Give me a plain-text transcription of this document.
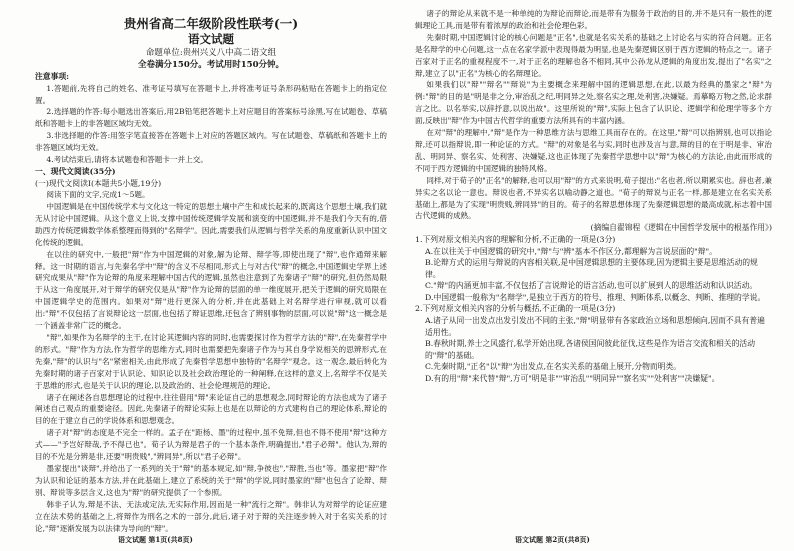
贵州省高二年级阶段性联考(一)
语文试题
命题单位:贵州兴义八中高二语文组
全卷满分150分。考试用时150分钟。

注意事项:

1.答题前,先将自己的姓名、准考证号填写在答题卡上,并将准考证号条形码粘贴在答题卡上的指定位置。

2.选择题的作答:每小题选出答案后,用2B铅笔把答题卡上对应题目的答案标号涂黑,写在试题卷、草稿纸和答题卡上的非答题区域均无效。

3.非选择题的作答:用签字笔直接答在答题卡上对应的答题区域内。写在试题卷、草稿纸和答题卡上的非答题区域均无效。

4.考试结束后,请将本试题卷和答题卡一并上交。

一、现代文阅读(35分)

(一)现代文阅读Ⅰ(本题共5小题,19分)

阅读下面的文字,完成1～5题。

中国逻辑是在中国传统学术与文化这一特定的思想土壤中产生和成长起来的,既离这个思想土壤,我们就无从讨论中国逻辑。从这个意义上说,支撑中国传统逻辑学发展和演变的中国逻辑,并不是我们今天有的,借助西方传统逻辑数学体系整理而得到的"名辩学"。因此,需要我们从逻辑与哲学关系的角度重新认识中国文化传统的逻辑。

在以往的研究中,一般把"辩"作为中国逻辑的对象,解为论辩、辩学等,即使出现了"辩",也作通辩来解释。这一时期的语言,与先秦名学中"辩"的含义不尽相同,形式上与对古代"辩"的概念,中国逻辑史学界上述研究成果从"辩"作为论辩的角度来理解中国古代的逻辑,虽然也注意到了先秦诸子"辩"的研究,但仍然局限于从这一角度展开,对于辩学的研究仅是从"辩"作为论辩的层面的单一维度展开,把关于逻辑的研究局限在中国逻辑学史的范围内。如果对"辩"进行更深入的分析,并在此基础上对名辩学进行审视,就可以看出:"辩"不仅包括了言说辩论这一层面,也包括了辩证思维,还包含了辨别事物的层面,可以说"辩"这一概念是一个涵盖非常广泛的概念。

"辩",如果作为名辩学的主干,在讨论其逻辑内容的同时,也需要探讨作为哲学方法的"辩",在先秦哲学中的形式。"辩"作为方法,作为哲学的思维方式,同时也需要把先秦诸子作为与其自身学说相关的思辨形式,在先秦,"辩"的认识与"名"紧密相关,由此形成了先秦哲学思想中独特的"名辩学"观念。这一观念,最后转化为先秦时期的诸子百家对于认识论、知识论以及社会政治理论的一种阐释,在这样的意义上,名辩学不仅是关于思维的形式,也是关于认识的理论,以及政治的、社会伦理规范的理论。

诸子在阐述各自思想理论的过程中,往往借用"辩"来论证自己的思想观念,同时辩论的方法也成为了诸子阐述自己观点的重要途径。因此,先秦诸子的辩论实际上也是在以辩论的方式建构自己的理论体系,辩论的目的在于建立自己的学说体系和思想观念。

诸子对"辩"的态度是不完全一样的。孟子在"距杨、墨"的过程中,虽不免辩,但也不得不使用"辩"这种方式——"予岂好辩哉,予不得已也"。荀子认为辩是君子的一个基本条件,明确提出,"君子必辩"。他认为,辩的目的不光是分辨是非,还要"明贵贱","辨同异",所以"君子必辩"。

墨家提出"谈辩",并给出了一系列的关于"辩"的基本规定,如"辩,争彼也","辩胜,当也"等。墨家把"辩"作为认识和论证的基本方法,并在此基础上,建立了系统的关于"辩"的学说,同时墨家的"辩"也包含了论辩、辩别、辩说等多层含义,这也为"辩"的研究提供了一个参照。

韩非子认为,辩是不法、无法或定法,无实际作用,因而是一种"流行之辩"。韩非认为对辩学的论证应建立在法术势的基础之上,将辩作为刑名之术的一部分,此后,诸子对于辩的关注逐步转入对于名实关系的讨论,"辩"逐渐发展为以法律为导向的"辩"。

语文试题 第1页(共8页)

诸子的辩论从来就不是一种单纯的为辩论而辩论,而是带有为服务于政治的目的,并不是只有一般性的逻辑理论工具,而是带有着浓厚的政治和社会伦理色彩。

先秦时期,中国逻辑讨论的核心问题是"正名",也就是名实关系的基础之上讨论名与实的符合问题。正名是名辩学的中心问题,这一点在名家学派中表现得最为明显,也是先秦逻辑区别于西方逻辑的特点之一。诸子百家对于正名的重视程度不一,对于正名的理解也各不相同,其中公孙龙从逻辑的角度出发,提出了"名实"之辩,建立了以"正名"为核心的名辩理论。

如果我们以"辩""辩名""辩说"为主要概念来理解中国的逻辑思想,在此,以最为经典的墨家之"辩"为例:"辩"的目的是"明是非之分,审治乱之纪,明同异之处,察名实之理,处利害,决嫌疑。焉摹略万物之然,论求群言之比。以名举实,以辞抒意,以说出故"。这里所说的"辩",实际上包含了认识论、逻辑学和伦理学等多个方面,反映出"辩"作为中国古代哲学的重要方法所具有的丰富内涵。

在对"辩"的理解中,"辩"是作为一种思维方法与思维工具而存在的。在这里,"辩"可以指辨别,也可以指论辩,还可以指辩说,即一种论证的方式。"辩"的对象是名与实,同时也涉及言与意,辩的目的在于明是非、审治乱、明同异、察名实、处利害、决嫌疑,这也正体现了先秦哲学思想中以"辩"为核心的方法论,由此而形成的不同于西方逻辑的中国逻辑的独特风格。

同样,对于荀子的"正名"的解释,也可以用"辩"的方式来说明,荀子提出:"名也者,所以期累实也。辞也者,兼异实之名以论一意也。辩说也者,不异实名以喻动静之道也。"荀子的辩说与正名一样,都是建立在名实关系基础上,都是为了实现"明贵贱,辨同异"的目的。荀子的名辩思想体现了先秦逻辑思想的最高成就,标志着中国古代逻辑的成熟。

(摘编自翟锦程《逻辑在中国哲学发展中的根基作用》)

1.下列对原文相关内容的理解和分析,不正确的一项是(3分)

A.在以往关于中国逻辑的研究中,"辩"与"辨"基本不作区分,都理解为言说层面的"辩"。

B.论辩方式的运用与辩说的内容相关联,是中国逻辑思想的主要体现,因为逻辑主要是思维活动的规律。

C."辩"的内涵更加丰富,不仅包括了言说辩论的语言活动,也可以扩展到人的思维活动和认识活动。

D.中国逻辑一般称为"名辩学",是独立于西方的符号、推理、判断体系,以概念、判断、推理的学说。

2.下列对原文相关内容的分析与概括,不正确的一项是(3分)

A.诸子从同一出发点出发引发出不同的主张,"辩"明显带有各家政治立场和思想倾向,因而不具有普遍适用性。

B.春秋时期,养士之风盛行,私学开始出现,各诸侯国间彼此征伐,这些是作为语言交流和相关的活动的"辩"的基础。

C.先秦时期,"正名"以"辩"为出发点,在名实关系的基础上展开,分物而明类。

D.有的用"辩"来代替"辩",方可"明是非""审治乱""明同异""察名实""处利害""决嫌疑"。

语文试题 第2页(共8页)
